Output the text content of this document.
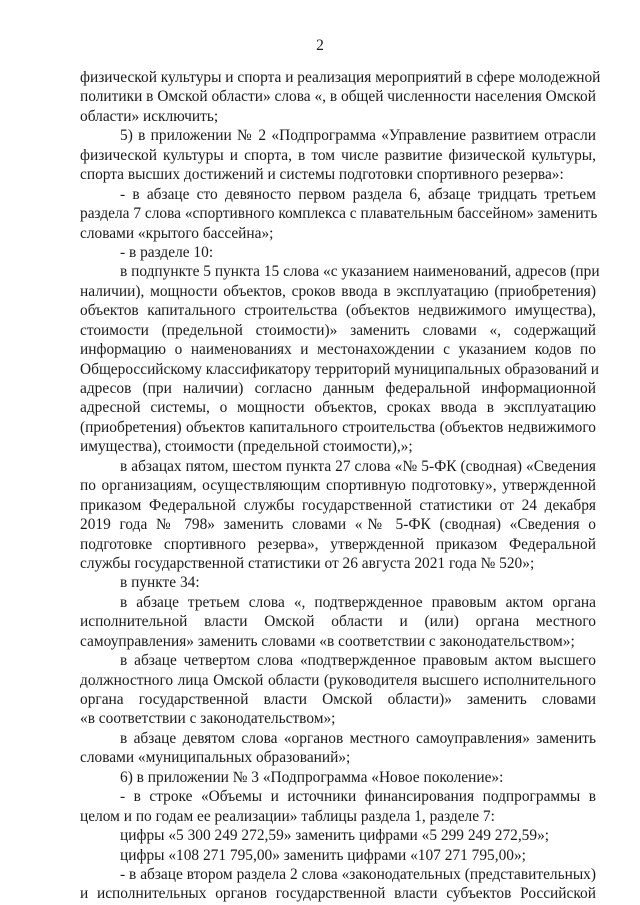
2

физической культуры и спорта и реализация мероприятий в сфере молодежной

политики в Омской области» слова «, в общей численности населения Омской

области» исключить;

5) в приложении № 2 «Подпрограмма «Управление развитием отрасли

физической культуры и спорта, в том числе развитие физической культуры,

спорта высших достижений и системы подготовки спортивного резерва»:

- в абзаце сто девяносто первом раздела 6, абзаце тридцать третьем

раздела 7 слова «спортивного комплекса с плавательным бассейном» заменить

словами «крытого бассейна»;

- в разделе 10:

в подпункте 5 пункта 15 слова «с указанием наименований, адресов (при

наличии), мощности объектов, сроков ввода в эксплуатацию (приобретения)

объектов капитального строительства (объектов недвижимого имущества),

стоимости (предельной стоимости)» заменить словами «, содержащий

информацию о наименованиях и местонахождении с указанием кодов по

Общероссийскому классификатору территорий муниципальных образований и

адресов (при наличии) согласно данным федеральной информационной

адресной системы, о мощности объектов, сроках ввода в эксплуатацию

(приобретения) объектов капитального строительства (объектов недвижимого

имущества), стоимости (предельной стоимости),»;

в абзацах пятом, шестом пункта 27 слова «№ 5-ФК (сводная) «Сведения

по организациям, осуществляющим спортивную подготовку», утвержденной

приказом Федеральной службы государственной статистики от 24 декабря

2019 года № 798» заменить словами «№ 5-ФК (сводная) «Сведения о

подготовке спортивного резерва», утвержденной приказом Федеральной

службы государственной статистики от 26 августа 2021 года № 520»;

в пункте 34:

в абзаце третьем слова «, подтвержденное правовым актом органа

исполнительной власти Омской области и (или) органа местного

самоуправления» заменить словами «в соответствии с законодательством»;

в абзаце четвертом слова «подтвержденное правовым актом высшего

должностного лица Омской области (руководителя высшего исполнительного

органа государственной власти Омской области)» заменить словами

«в соответствии с законодательством»;

в абзаце девятом слова «органов местного самоуправления» заменить

словами «муниципальных образований»;

6) в приложении № 3 «Подпрограмма «Новое поколение»:

- в строке «Объемы и источники финансирования подпрограммы в

целом и по годам ее реализации» таблицы раздела 1, разделе 7:

цифры «5 300 249 272,59» заменить цифрами «5 299 249 272,59»;

цифры «108 271 795,00» заменить цифрами «107 271 795,00»;

- в абзаце втором раздела 2 слова «законодательных (представительных)

и исполнительных органов государственной власти субъектов Российской
